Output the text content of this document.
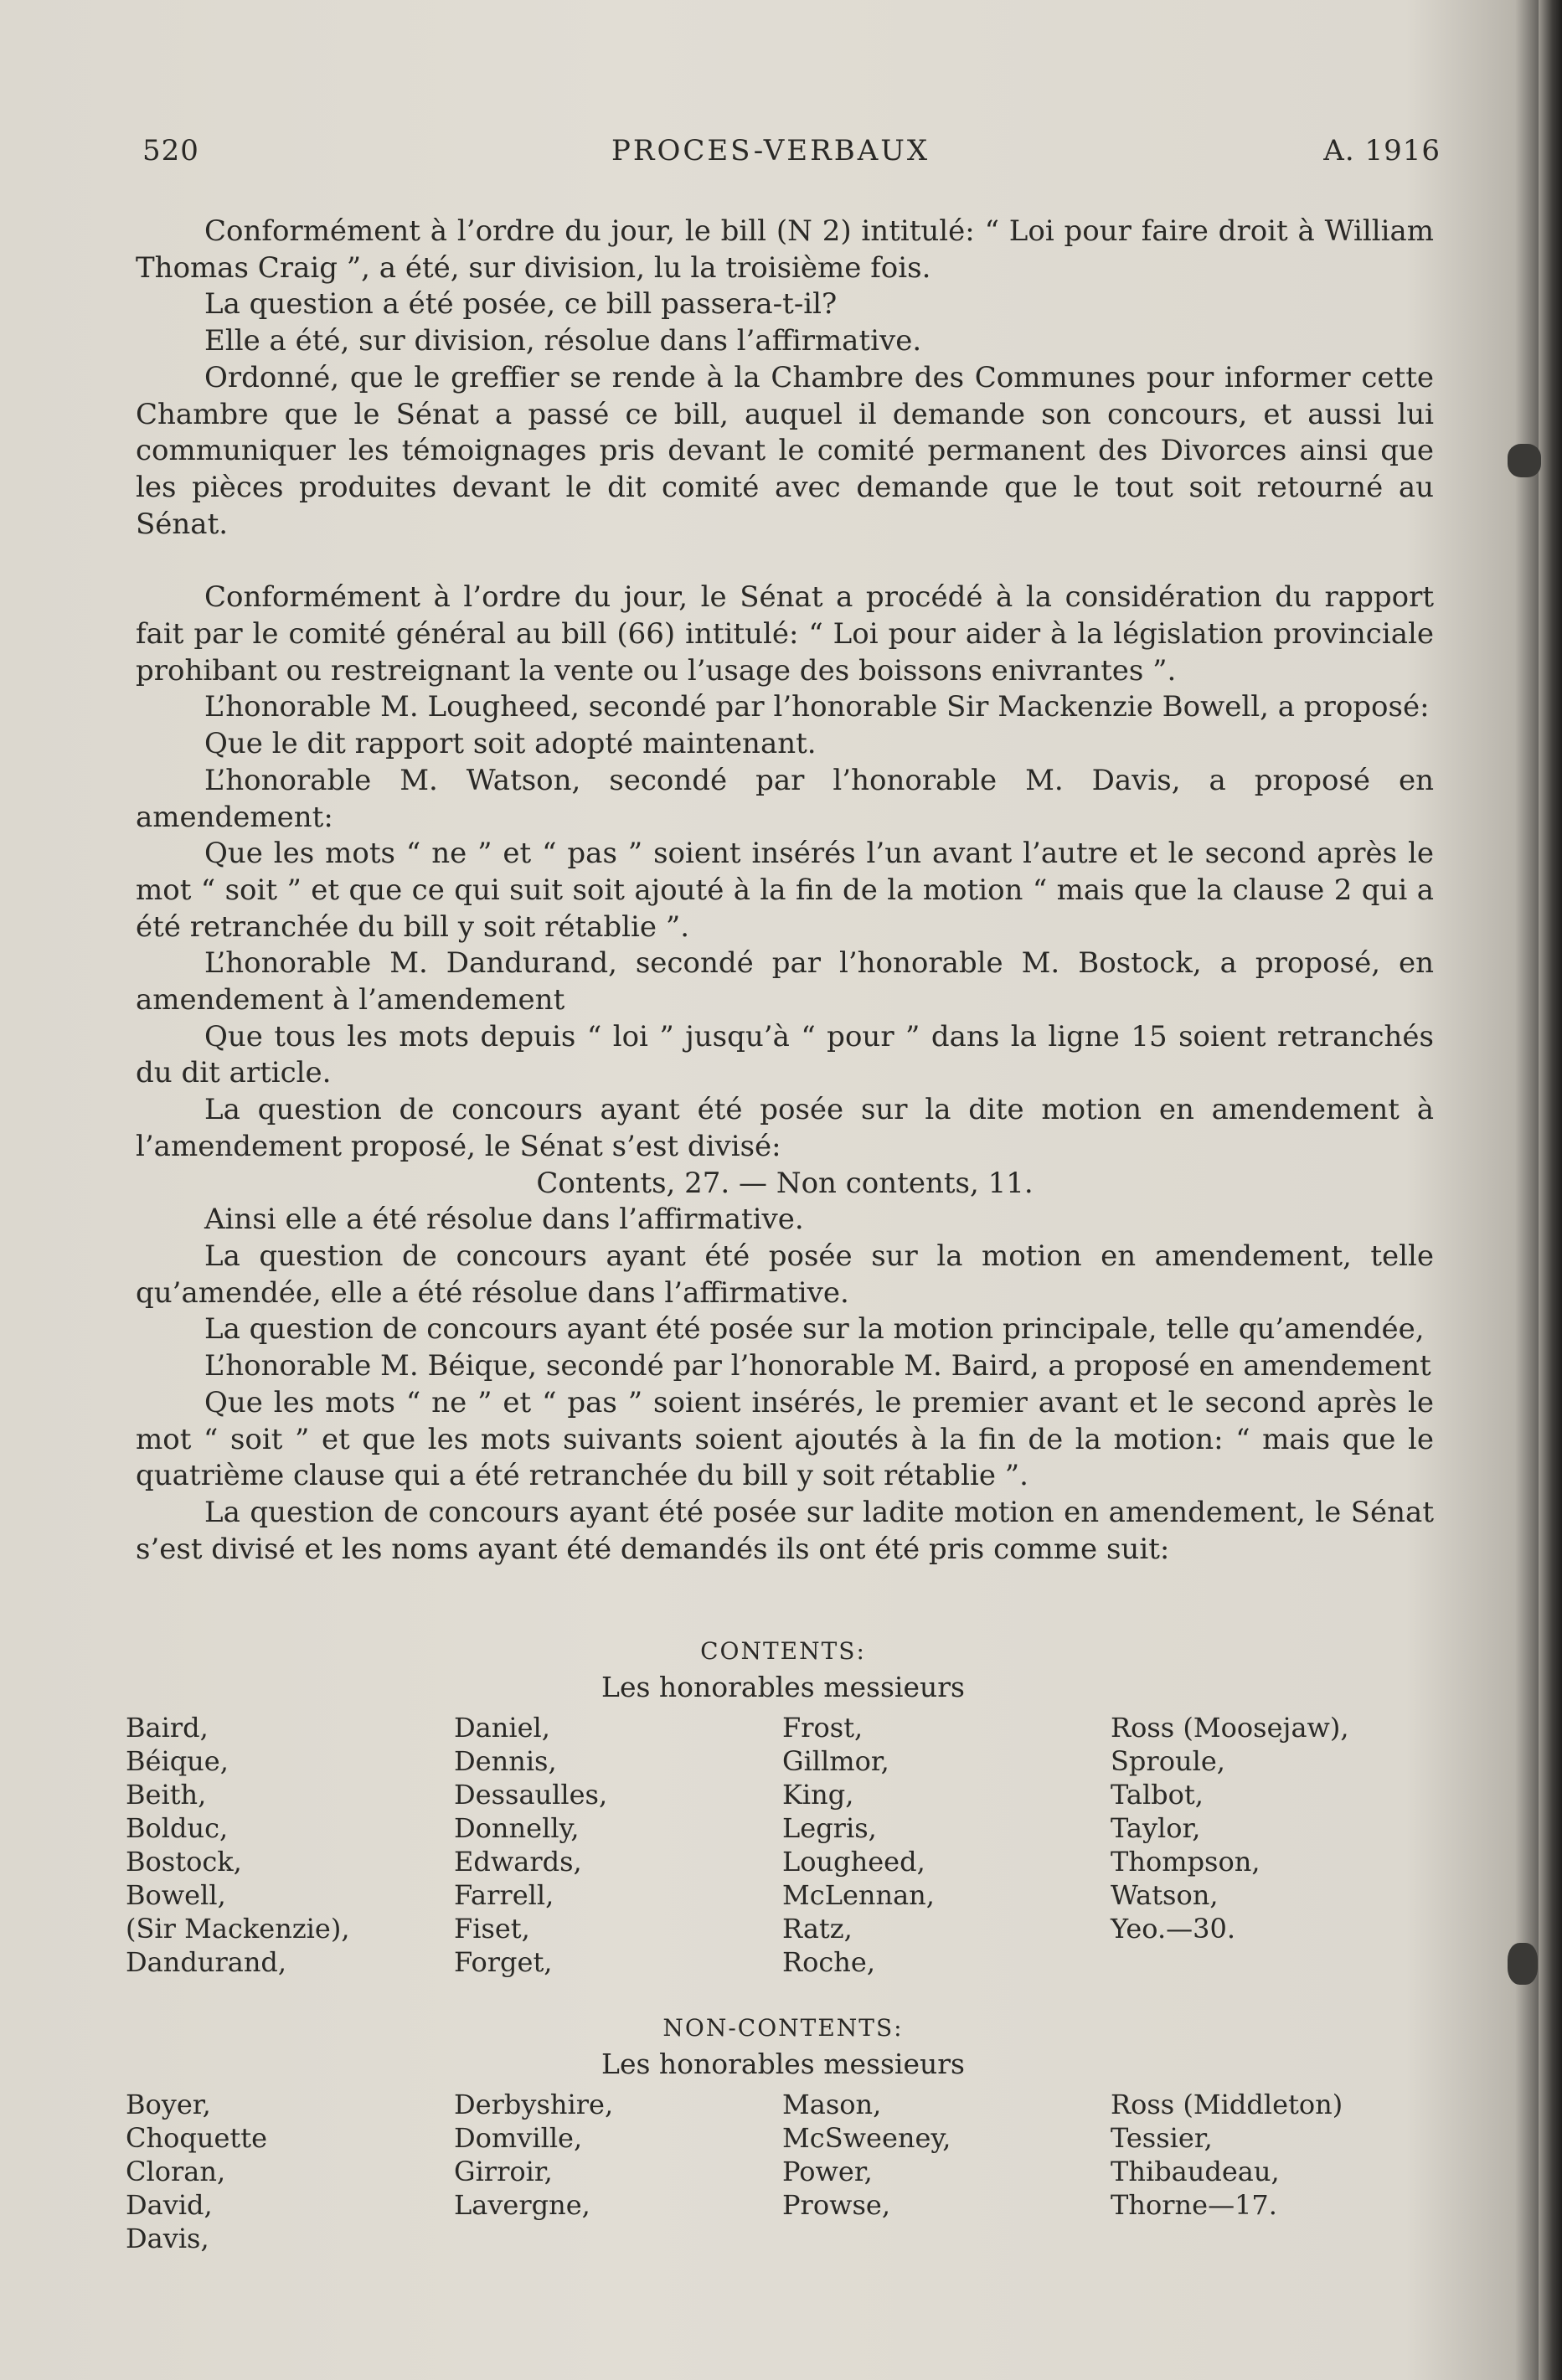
520	PROCES-VERBAUX	A. 1916

Conformément à l’ordre du jour, le bill (N 2) intitulé: “ Loi pour faire droit à William Thomas Craig ”, a été, sur division, lu la troisième fois.

La question a été posée, ce bill passera-t-il?

Elle a été, sur division, résolue dans l’affirmative.

Ordonné, que le greffier se rende à la Chambre des Communes pour informer cette Chambre que le Sénat a passé ce bill, auquel il demande son concours, et aussi lui communiquer les témoignages pris devant le comité permanent des Divorces ainsi que les pièces produites devant le dit comité avec demande que le tout soit retourné au Sénat.

Conformément à l’ordre du jour, le Sénat a procédé à la considération du rapport fait par le comité général au bill (66) intitulé: “ Loi pour aider à la législation provinciale prohibant ou restreignant la vente ou l’usage des boissons enivrantes ”.

L’honorable M. Lougheed, secondé par l’honorable Sir Mackenzie Bowell, a proposé:

Que le dit rapport soit adopté maintenant.

L’honorable M. Watson, secondé par l’honorable M. Davis, a proposé en amendement:

Que les mots “ ne ” et “ pas ” soient insérés l’un avant l’autre et le second après le mot “ soit ” et que ce qui suit soit ajouté à la fin de la motion “ mais que la clause 2 qui a été retranchée du bill y soit rétablie ”.

L’honorable M. Dandurand, secondé par l’honorable M. Bostock, a proposé, en amendement à l’amendement

Que tous les mots depuis “ loi ” jusqu’à “ pour ” dans la ligne 15 soient retranchés du dit article.

La question de concours ayant été posée sur la dite motion en amendement à l’amendement proposé, le Sénat s’est divisé:

Contents, 27. — Non contents, 11.

Ainsi elle a été résolue dans l’affirmative.

La question de concours ayant été posée sur la motion en amendement, telle qu’amendée, elle a été résolue dans l’affirmative.

La question de concours ayant été posée sur la motion principale, telle qu’amendée,

L’honorable M. Béique, secondé par l’honorable M. Baird, a proposé en amendement

Que les mots “ ne ” et “ pas ” soient insérés, le premier avant et le second après le mot “ soit ” et que les mots suivants soient ajoutés à la fin de la motion: “ mais que le quatrième clause qui a été retranchée du bill y soit rétablie ”.

La question de concours ayant été posée sur ladite motion en amendement, le Sénat s’est divisé et les noms ayant été demandés ils ont été pris comme suit:

CONTENTS:
Les honorables messieurs
Baird,
Béique,
Beith,
Bolduc,
Bostock,
Bowell,
(Sir Mackenzie),
Dandurand,
Daniel,
Dennis,
Dessaulles,
Donnelly,
Edwards,
Farrell,
Fiset,
Forget,
Frost,
Gillmor,
King,
Legris,
Lougheed,
McLennan,
Ratz,
Roche,
Ross (Moosejaw),
Sproule,
Talbot,
Taylor,
Thompson,
Watson,
Yeo.—30.
NON-CONTENTS:
Les honorables messieurs
Boyer,
Choquette
Cloran,
David,
Davis,
Derbyshire,
Domville,
Girroir,
Lavergne,
Mason,
McSweeney,
Power,
Prowse,
Ross (Middleton)
Tessier,
Thibaudeau,
Thorne—17.
